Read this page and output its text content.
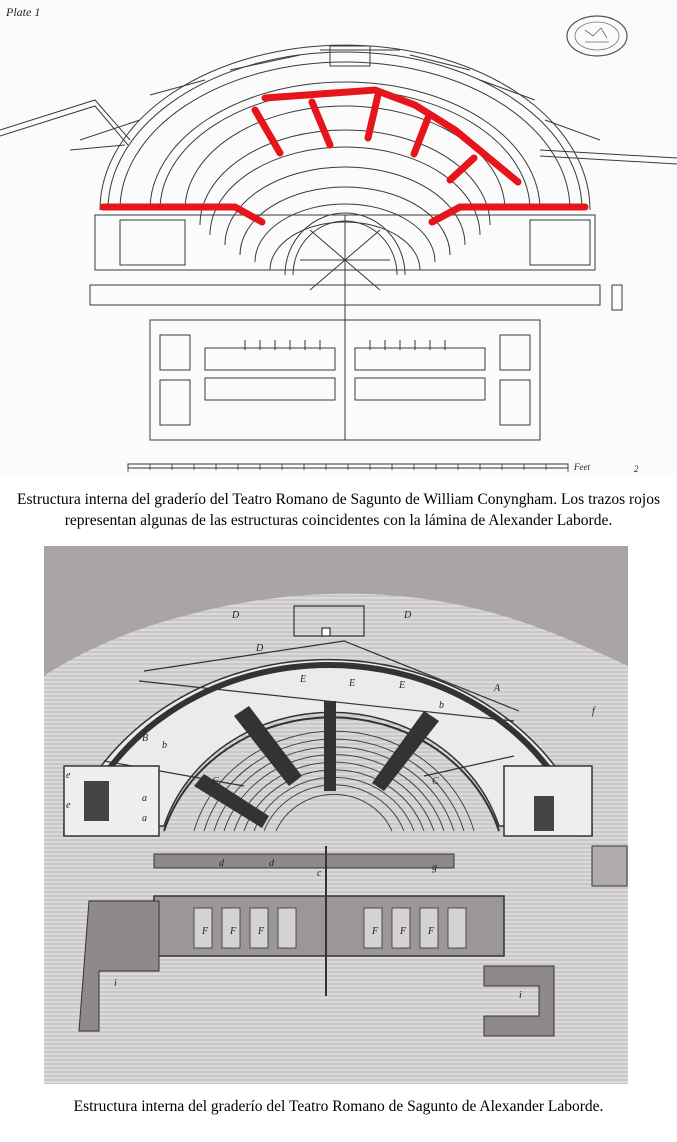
Plate 1
Feet	2
Estructura interna del graderío del Teatro Romano de Sagunto de William Conyngham. Los trazos rojos representan algunas de las estructuras coincidentes con la lámina de Alexander Laborde.
D
E	E	E	A
B
C	C
D	D
F F F	F F F
a
a
c
e
e
f
g
i
i
d	d
b
b
Estructura interna del graderío del Teatro Romano de Sagunto de Alexander Laborde.
